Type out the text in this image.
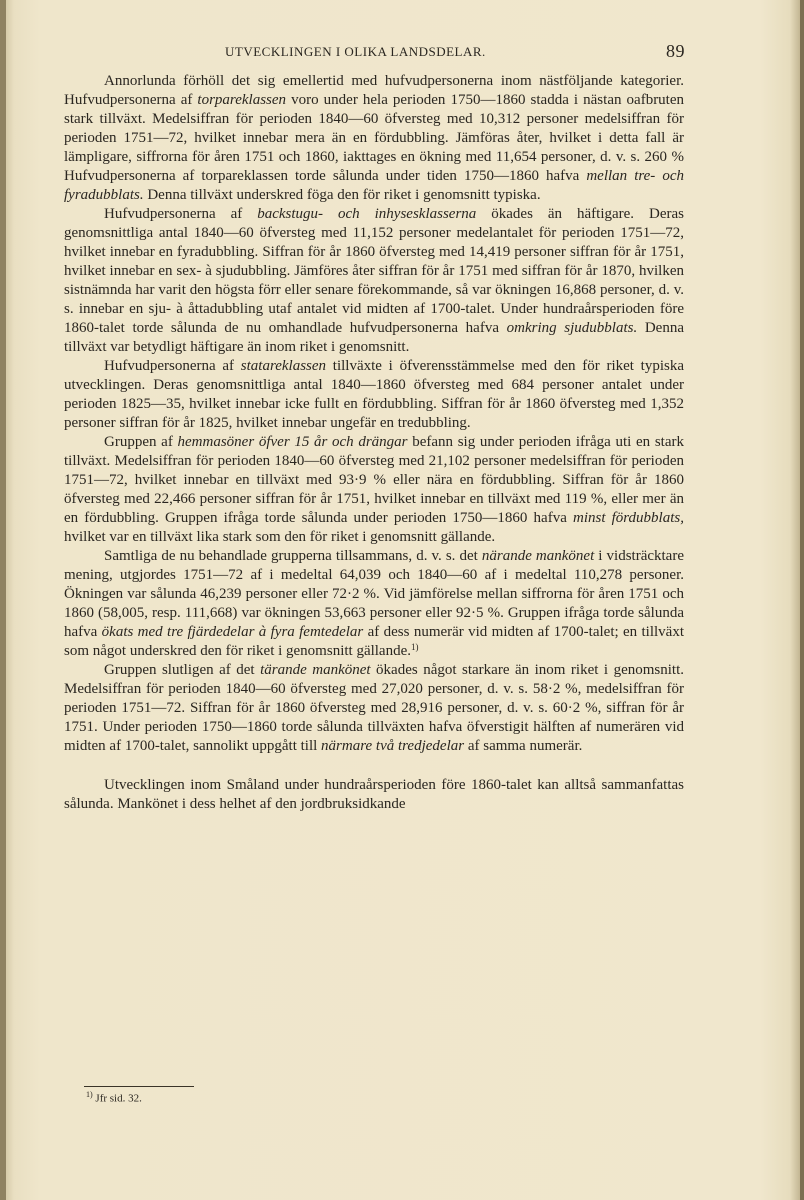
UTVECKLINGEN I OLIKA LANDSDELAR.	89

Annorlunda förhöll det sig emellertid med hufvudpersonerna inom nästföljande kategorier. Hufvudpersonerna af torpareklassen voro under hela perioden 1750—1860 stadda i nästan oafbruten stark tillväxt. Medelsiffran för perioden 1840—60 öfversteg med 10,312 personer medelsiffran för perioden 1751—72, hvilket innebar mera än en fördubbling. Jämföras åter, hvilket i detta fall är lämpligare, siffrorna för åren 1751 och 1860, iakttages en ökning med 11,654 personer, d. v. s. 260 % Hufvudpersonerna af torpareklassen torde sålunda under tiden 1750—1860 hafva mellan tre- och fyradubblats. Denna tillväxt underskred föga den för riket i genomsnitt typiska.

Hufvudpersonerna af backstugu- och inhysesklasserna ökades än häftigare. Deras genomsnittliga antal 1840—60 öfversteg med 11,152 personer medelantalet för perioden 1751—72, hvilket innebar en fyradubbling. Siffran för år 1860 öfversteg med 14,419 personer siffran för år 1751, hvilket innebar en sex- à sjudubbling. Jämföres åter siffran för år 1751 med siffran för år 1870, hvilken sistnämnda har varit den högsta förr eller senare förekommande, så var ökningen 16,868 personer, d. v. s. innebar en sju- à åttadubbling utaf antalet vid midten af 1700-talet. Under hundraårsperioden före 1860-talet torde sålunda de nu omhandlade hufvudpersonerna hafva omkring sjudubblats. Denna tillväxt var betydligt häftigare än inom riket i genomsnitt.

Hufvudpersonerna af statareklassen tillväxte i öfverensstämmelse med den för riket typiska utvecklingen. Deras genomsnittliga antal 1840—1860 öfversteg med 684 personer antalet under perioden 1825—35, hvilket innebar icke fullt en fördubbling. Siffran för år 1860 öfversteg med 1,352 personer siffran för år 1825, hvilket innebar ungefär en tredubbling.

Gruppen af hemmasöner öfver 15 år och drängar befann sig under perioden ifråga uti en stark tillväxt. Medelsiffran för perioden 1840—60 öfversteg med 21,102 personer medelsiffran för perioden 1751—72, hvilket innebar en tillväxt med 93·9 % eller nära en fördubbling. Siffran för år 1860 öfversteg med 22,466 personer siffran för år 1751, hvilket innebar en tillväxt med 119 %, eller mer än en fördubbling. Gruppen ifråga torde sålunda under perioden 1750—1860 hafva minst fördubblats, hvilket var en tillväxt lika stark som den för riket i genomsnitt gällande.

Samtliga de nu behandlade grupperna tillsammans, d. v. s. det närande mankönet i vidsträcktare mening, utgjordes 1751—72 af i medeltal 64,039 och 1840—60 af i medeltal 110,278 personer. Ökningen var sålunda 46,239 personer eller 72·2 %. Vid jämförelse mellan siffrorna för åren 1751 och 1860 (58,005, resp. 111,668) var ökningen 53,663 personer eller 92·5 %. Gruppen ifråga torde sålunda hafva ökats med tre fjärdedelar à fyra femtedelar af dess numerär vid midten af 1700-talet; en tillväxt som något underskred den för riket i genomsnitt gällande.$^{1)}$

Gruppen slutligen af det tärande mankönet ökades något starkare än inom riket i genomsnitt. Medelsiffran för perioden 1840—60 öfversteg med 27,020 personer, d. v. s. 58·2 %, medelsiffran för perioden 1751—72. Siffran för år 1860 öfversteg med 28,916 personer, d. v. s. 60·2 %, siffran för år 1751. Under perioden 1750—1860 torde sålunda tillväxten hafva öfverstigit hälften af numerären vid midten af 1700-talet, sannolikt uppgått till närmare två tredjedelar af samma numerär.

Utvecklingen inom Småland under hundraårsperioden före 1860-talet kan alltså sammanfattas sålunda. Mankönet i dess helhet af den jordbruksidkande

$^{1)}$ Jfr sid. 32.
